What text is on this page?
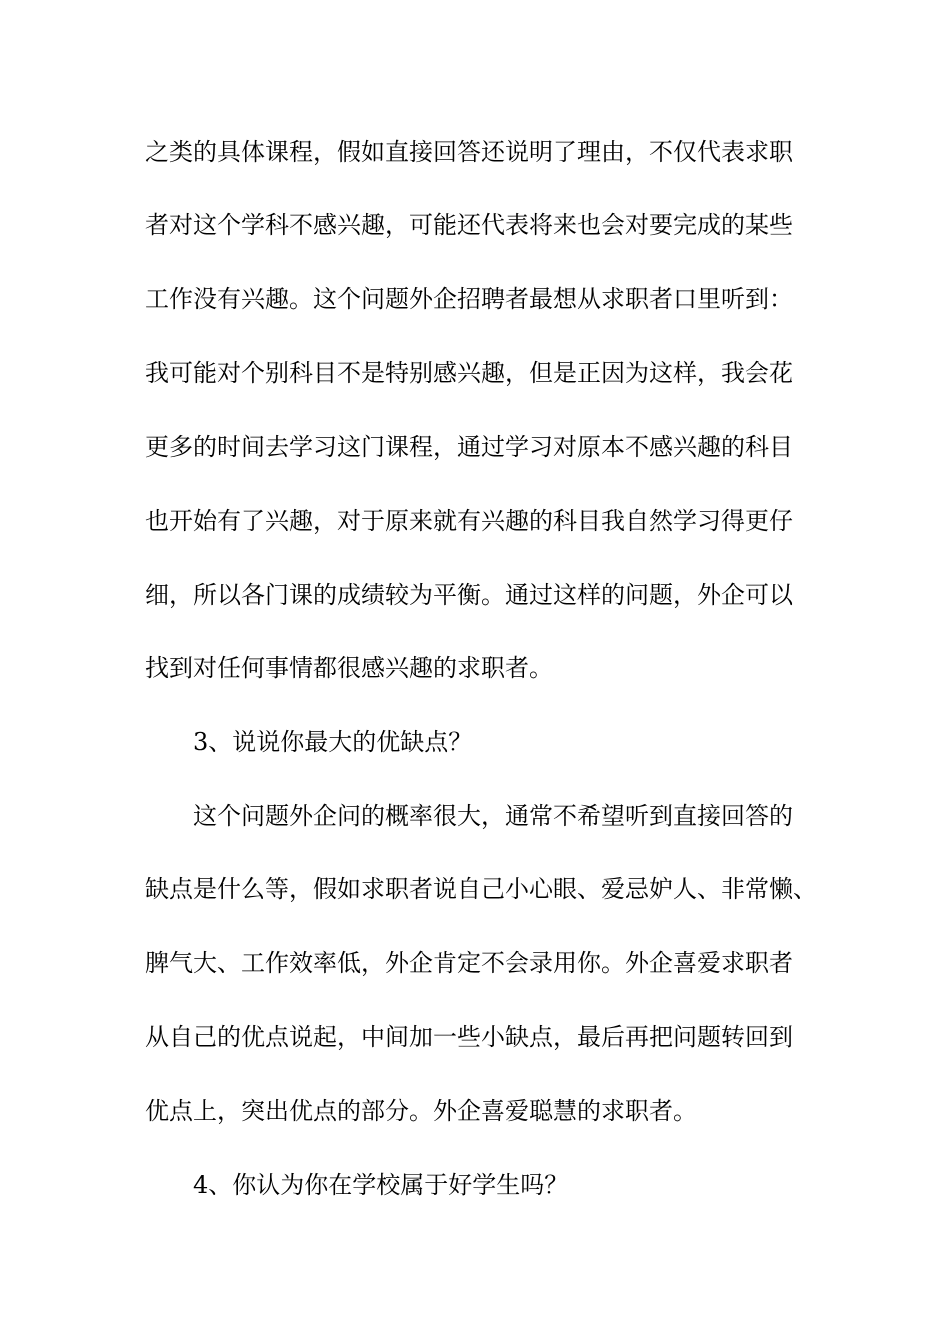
之类的具体课程，假如直接回答还说明了理由，不仅代表求职
者对这个学科不感兴趣，可能还代表将来也会对要完成的某些
工作没有兴趣。这个问题外企招聘者最想从求职者口里听到：
我可能对个别科目不是特别感兴趣，但是正因为这样，我会花
更多的时间去学习这门课程，通过学习对原本不感兴趣的科目
也开始有了兴趣，对于原来就有兴趣的科目我自然学习得更仔
细，所以各门课的成绩较为平衡。通过这样的问题，外企可以
找到对任何事情都很感兴趣的求职者。
3、说说你最大的优缺点？
这个问题外企问的概率很大，通常不希望听到直接回答的
缺点是什么等，假如求职者说自己小心眼、爱忌妒人、非常懒、
脾气大、工作效率低，外企肯定不会录用你。外企喜爱求职者
从自己的优点说起，中间加一些小缺点，最后再把问题转回到
优点上，突出优点的部分。外企喜爱聪慧的求职者。
4、你认为你在学校属于好学生吗？
